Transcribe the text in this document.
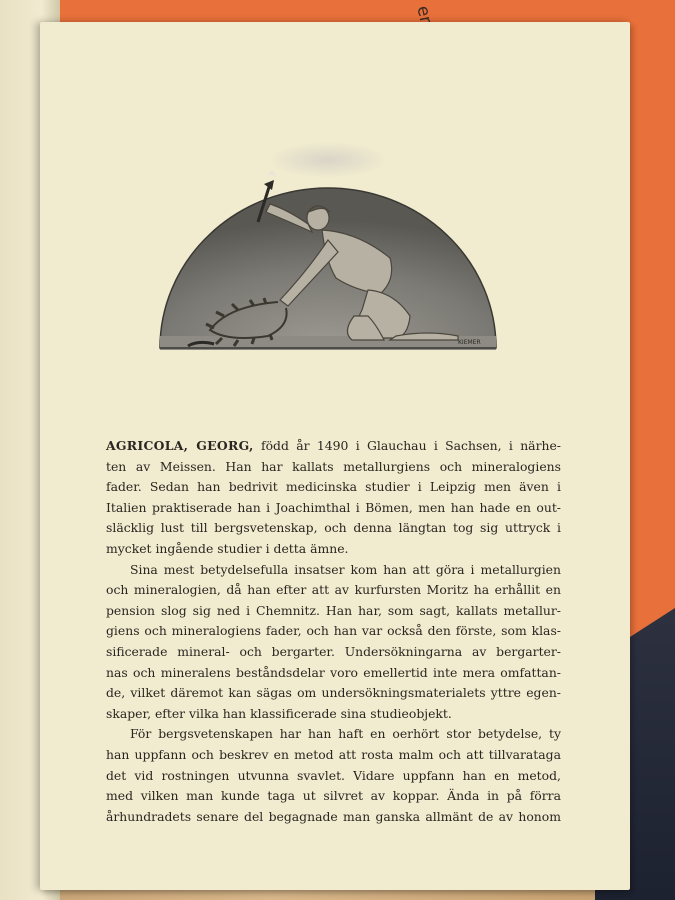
KIEMER
AGRICOLA, GEORG, född år 1490 i Glauchau i Sachsen, i närhe-
ten av Meissen. Han har kallats metallurgiens och mineralogiens
fader. Sedan han bedrivit medicinska studier i Leipzig men även i
Italien praktiserade han i Joachimthal i Bömen, men han hade en out-
släcklig lust till bergsvetenskap, och denna längtan tog sig uttryck i
mycket ingående studier i detta ämne.
Sina mest betydelsefulla insatser kom han att göra i metallurgien
och mineralogien, då han efter att av kurfursten Moritz ha erhållit en
pension slog sig ned i Chemnitz. Han har, som sagt, kallats metallur-
giens och mineralogiens fader, och han var också den förste, som klas-
sificerade mineral- och bergarter. Undersökningarna av bergarter-
nas och mineralens beståndsdelar voro emellertid inte mera omfattan-
de, vilket däremot kan sägas om undersökningsmaterialets yttre egen-
skaper, efter vilka han klassificerade sina studieobjekt.
För bergsvetenskapen har han haft en oerhört stor betydelse, ty
han uppfann och beskrev en metod att rosta malm och att tillvarataga
det vid rostningen utvunna svavlet. Vidare uppfann han en metod,
med vilken man kunde taga ut silvret av koppar. Ända in på förra
århundradets senare del begagnade man ganska allmänt de av honom
